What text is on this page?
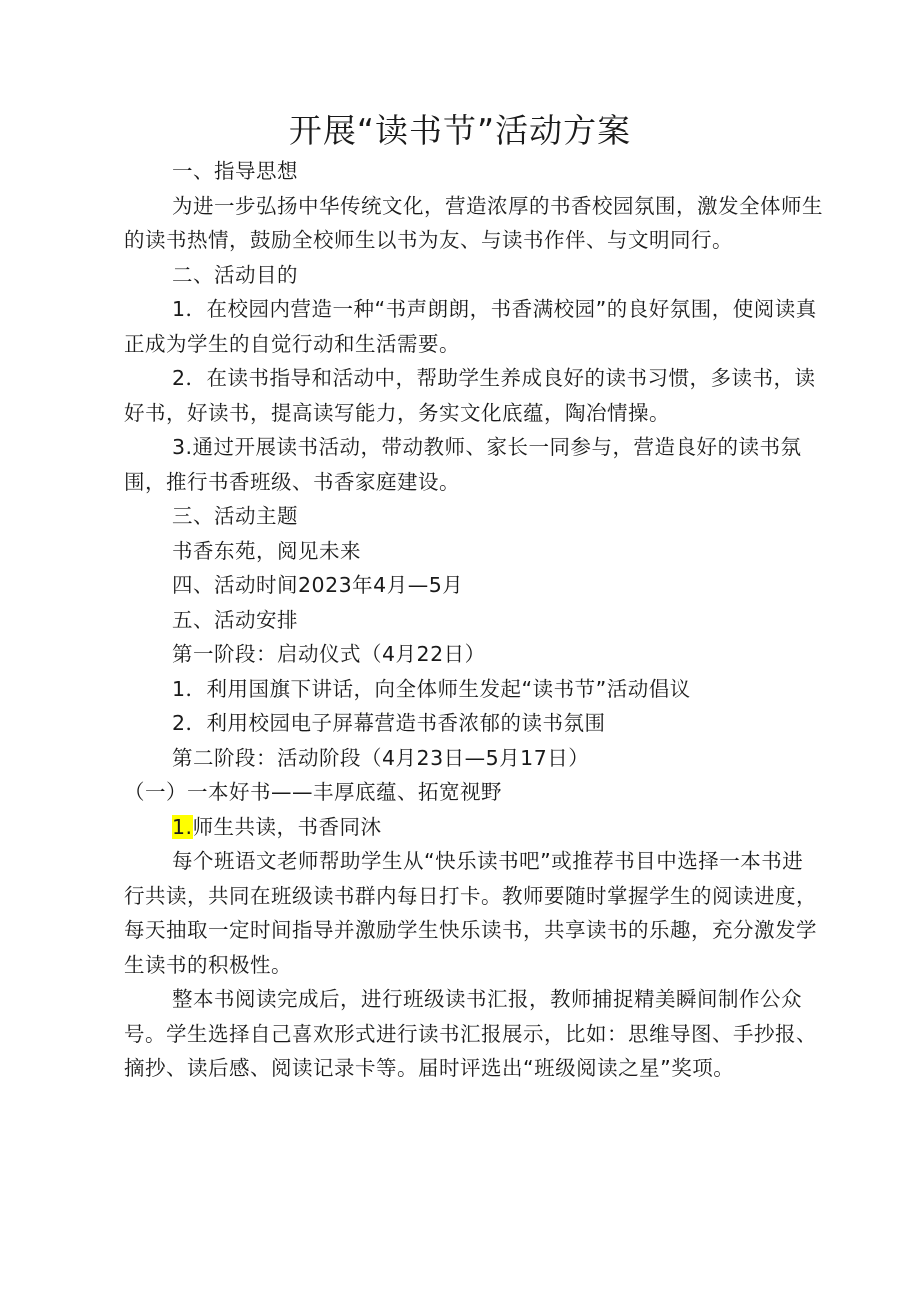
开展“读书节”活动方案

一、指导思想

为进一步弘扬中华传统文化，营造浓厚的书香校园氛围，激发全体师生的读书热情，鼓励全校师生以书为友、与读书作伴、与文明同行。

二、活动目的

1．在校园内营造一种“书声朗朗，书香满校园”的良好氛围，使阅读真正成为学生的自觉行动和生活需要。

2．在读书指导和活动中，帮助学生养成良好的读书习惯，多读书，读好书，好读书，提高读写能力，务实文化底蕴，陶冶情操。

3.通过开展读书活动，带动教师、家长一同参与，营造良好的读书氛围，推行书香班级、书香家庭建设。

三、活动主题

书香东苑，阅见未来

四、活动时间2023年4月—5月

五、活动安排

第一阶段：启动仪式（4月22日）

1．利用国旗下讲话，向全体师生发起“读书节”活动倡议

2．利用校园电子屏幕营造书香浓郁的读书氛围

第二阶段：活动阶段（4月23日—5月17日）

（一）一本好书——丰厚底蕴、拓宽视野

1.师生共读，书香同沐

每个班语文老师帮助学生从“快乐读书吧”或推荐书目中选择一本书进行共读，共同在班级读书群内每日打卡。教师要随时掌握学生的阅读进度，每天抽取一定时间指导并激励学生快乐读书，共享读书的乐趣，充分激发学生读书的积极性。

整本书阅读完成后，进行班级读书汇报，教师捕捉精美瞬间制作公众号。学生选择自己喜欢形式进行读书汇报展示，比如：思维导图、手抄报、摘抄、读后感、阅读记录卡等。届时评选出“班级阅读之星”奖项。
